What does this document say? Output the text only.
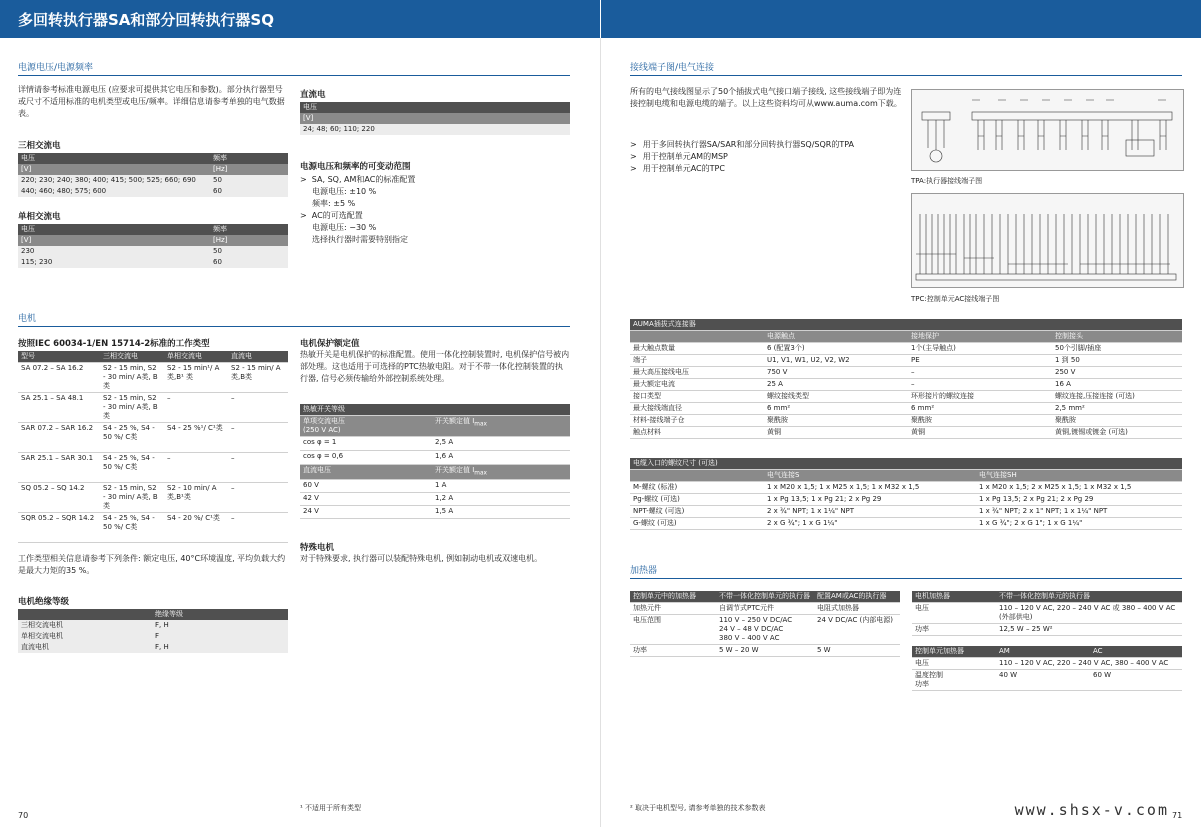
多回转执行器SA和部分回转执行器SQ
电源电压/电源频率
详情请参考标准电源电压 (应要求可提供其它电压和参数)。部分执行器型号或尺寸不适用标准的电机类型或电压/频率。详细信息请参考单独的电气数据表。
三相交流电
电压	频率
[V]	[Hz]
220; 230; 240; 380; 400; 415; 500; 525; 660; 690	50
440; 460; 480; 575; 600	60
单相交流电
电压	频率
[V]	[Hz]
230	50
115; 230	60
直流电
电压
[V]
24; 48; 60; 110; 220
电源电压和频率的可变动范围
>  SA, SQ, AM和AC的标准配置
电源电压: ±10 %
频率: ±5 %
>  AC的可选配置
电源电压: −30 %
选择执行器时需要特别指定
电机
按照IEC 60034-1/EN 15714-2标准的工作类型
型号	三相交流电	单相交流电	直流电
SA 07.2 – SA 16.2	S2 - 15 min, S2 - 30 min/ A类, B类	S2 - 15 min¹/ A类,B¹ 类	S2 - 15 min/ A类,B类
SA 25.1 – SA 48.1	S2 - 15 min, S2 - 30 min/ A类, B类	–	–
SAR 07.2 – SAR 16.2	S4 - 25 %, S4 - 50 %/ C类	S4 - 25 %¹/ C¹类	–
SAR 25.1 – SAR 30.1	S4 - 25 %, S4 - 50 %/ C类	–	–
SQ 05.2 – SQ 14.2	S2 - 15 min, S2 - 30 min/ A类, B类	S2 - 10 min/ A类,B¹类	–
SQR 05.2 – SQR 14.2	S4 - 25 %, S4 - 50 %/ C类	S4 - 20 %/ C¹类	–
工作类型相关信息请参考下列条件: 额定电压, 40°C环境温度, 平均负载大约是最大力矩的35 %。
电机绝缘等级
	绝缘等级
三相交流电机	F, H
单相交流电机	F
直流电机	F, H
电机保护额定值
热敏开关是电机保护的标准配置。使用一体化控制装置时, 电机保护信号被内部处理。这也适用于可选择的PTC热敏电阻。对于不带一体化控制装置的执行器, 信号必须传输给外部控制系统处理。
热敏开关等级	
单项交流电压
(250 V AC)	开关额定值 $I_{max}$
cos φ = 1	2,5 A
cos φ = 0,6	1,6 A
直流电压	开关额定值 $I_{max}$
60 V	1 A
42 V	1,2 A
24 V	1,5 A
特殊电机
对于特殊要求, 执行器可以装配特殊电机, 例如制动电机或双速电机。
¹ 不适用于所有类型
70
接线端子图/电气连接
所有的电气接线图显示了50个插拔式电气接口端子接线, 这些接线端子即为连接控制电缆和电源电缆的端子。以上这些资料均可从www.auma.com下载。
> 用于多回转执行器SA/SAR和部分回转执行器SQ/SQR的TPA
> 用于控制单元AM的MSP
> 用于控制单元AC的TPC
TPA:执行器接线端子图
TPC:控制单元AC接线端子图
AUMA插拔式连接器			
	电源触点	接地保护	控制接头
最大触点数量	6 (配置3个)	1个(主导触点)	50个引脚/插座
端子	U1, V1, W1, U2, V2, W2	PE	1 到 50
最大高压接线电压	750 V	–	250 V
最大额定电流	25 A	–	16 A
接口类型	螺纹接线类型	环形接片的螺纹连接	螺纹连接,压接连接 (可选)
最大接线端直径	6 mm²	6 mm²	2,5 mm²
材料-接线端子仓	聚酰胺	聚酰胺	聚酰胺
触点材料	黄铜	黄铜	黄铜,镀锡或镀金 (可选)
电缆入口的螺纹尺寸 (可选)		
	电气连接S	电气连接SH
M-螺纹 (标准)	1 x M20 x 1,5; 1 x M25 x 1,5; 1 x M32 x 1,5	1 x M20 x 1,5; 2 x M25 x 1,5; 1 x M32 x 1,5
Pg-螺纹 (可选)	1 x Pg 13,5; 1 x Pg 21; 2 x Pg 29	1 x Pg 13,5; 2 x Pg 21; 2 x Pg 29
NPT-螺纹 (可选)	2 x ¾" NPT; 1 x 1¼" NPT	1 x ¾" NPT; 2 x 1" NPT; 1 x 1¼" NPT
G-螺纹 (可选)	2 x G ¾"; 1 x G 1¼"	1 x G ¾"; 2 x G 1"; 1 x G 1¼"
加热器
控制单元中的加热器	不带一体化控制单元的执行器	配置AM或AC的执行器
加热元件	自调节式PTC元件	电阻式加热器
电压范围	110 V – 250 V DC/AC
24 V – 48 V DC/AC
380 V – 400 V AC	24 V DC/AC (内部电源)
功率	5 W – 20 W	5 W
电机加热器	不带一体化控制单元的执行器
电压	110 – 120 V AC, 220 – 240 V AC 或 380 – 400 V AC
(外部供电)
功率	12,5 W – 25 W²
控制单元加热器	AM	AC
电压	110 – 120 V AC, 220 – 240 V AC, 380 – 400 V AC	
温度控制
功率	40 W	60 W
² 取决于电机型号, 请参考单独的技术参数表
71
www.shsx-v.com
